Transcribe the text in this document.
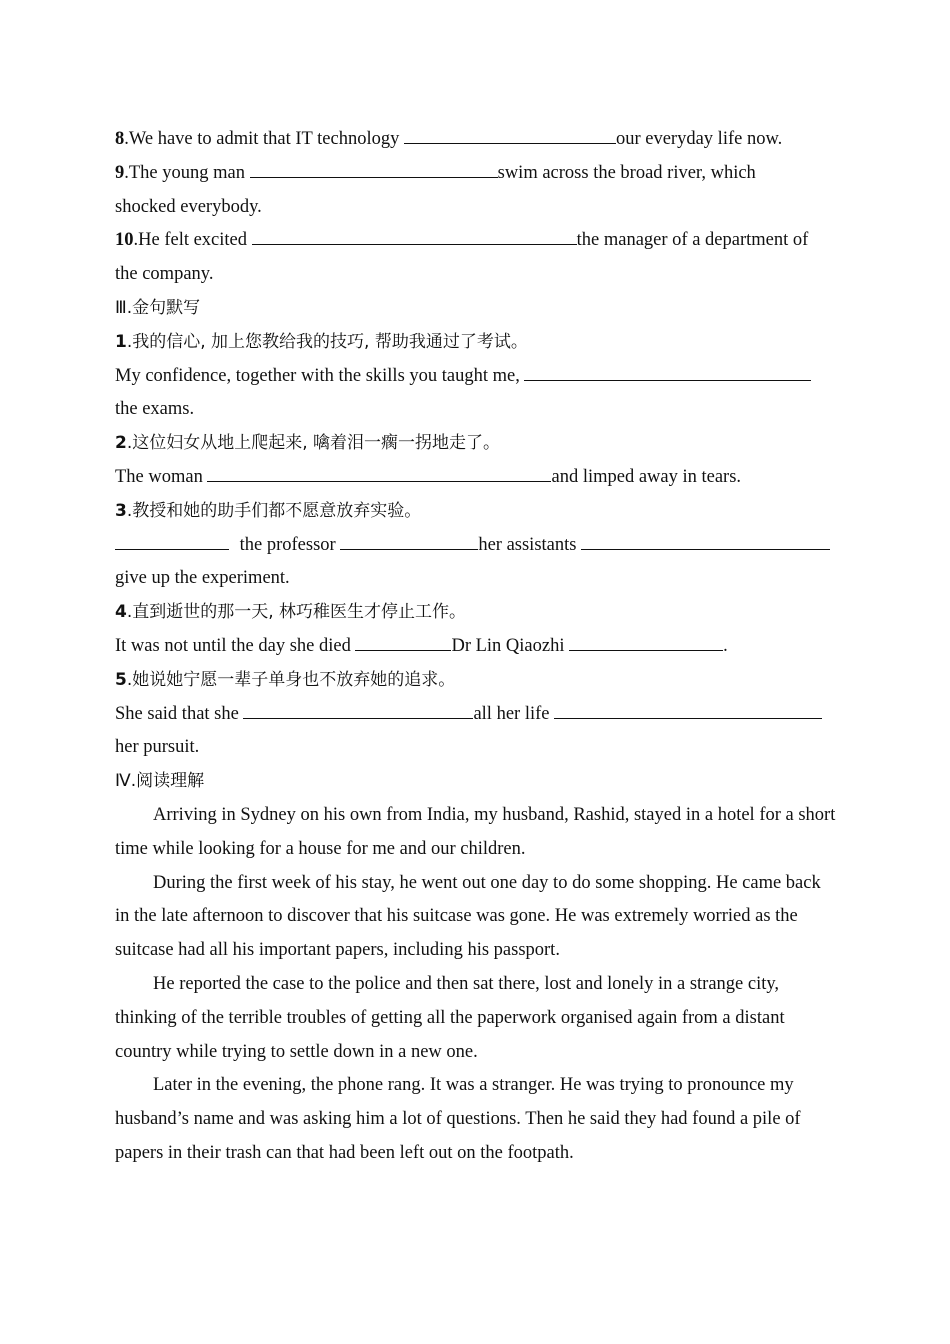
8.We have to admit that IT technology	our everyday life now.
9.The young man	swim across the broad river, which
shocked everybody.
10.He felt excited	the manager of a department of
the company.
Ⅲ.金句默写
1.我的信心, 加上您教给我的技巧, 帮助我通过了考试。
My confidence, together with the skills you taught me,
the exams.
2.这位妇女从地上爬起来, 噙着泪一瘸一拐地走了。
The woman	and limped away in tears.
3.教授和她的助手们都不愿意放弃实验。
the professor	her assistants
give up the experiment.
4.直到逝世的那一天, 林巧稚医生才停止工作。
It was not until the day she died	Dr Lin Qiaozhi	.
5.她说她宁愿一辈子单身也不放弃她的追求。
She said that she	all her life
her pursuit.
Ⅳ.阅读理解
Arriving in Sydney on his own from India, my husband, Rashid, stayed in a hotel for a short time while looking for a house for me and our children.
During the first week of his stay, he went out one day to do some shopping. He came back in the late afternoon to discover that his suitcase was gone. He was extremely worried as the suitcase had all his important papers, including his passport.
He reported the case to the police and then sat there, lost and lonely in a strange city, thinking of the terrible troubles of getting all the paperwork organised again from a distant country while trying to settle down in a new one.
Later in the evening, the phone rang. It was a stranger. He was trying to pronounce my husband’s name and was asking him a lot of questions. Then he said they had found a pile of papers in their trash can that had been left out on the footpath.
